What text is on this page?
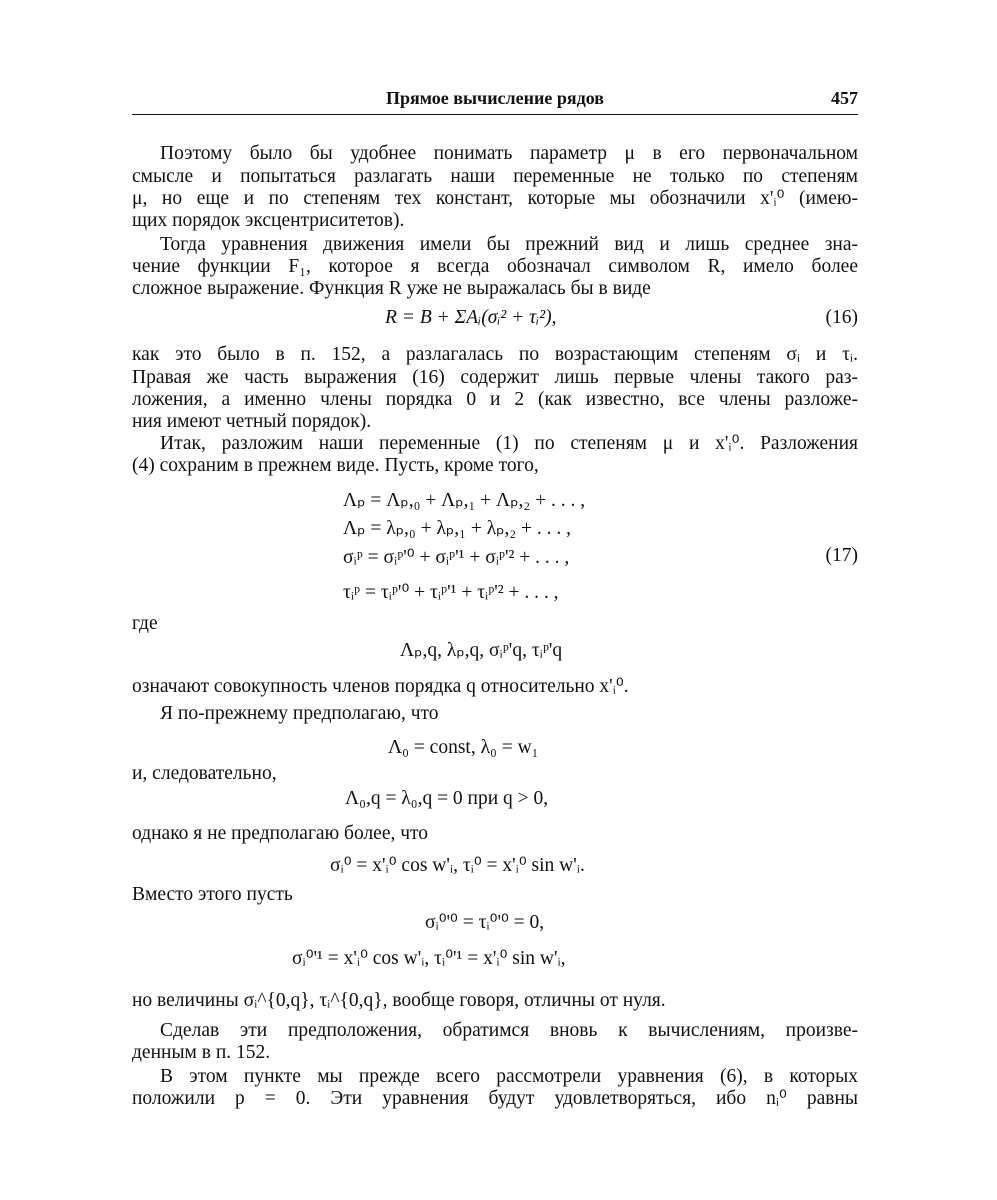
Прямое вычисление рядов	457
Поэтому было бы удобнее понимать параметр μ в его первоначальном
смысле и попытаться разлагать наши переменные не только по степеням
μ, но еще и по степеням тех констант, которые мы обозначили x'ᵢ⁰ (имею-
щих порядок эксцентриситетов).
Тогда уравнения движения имели бы прежний вид и лишь среднее зна-
чение функции F₁, которое я всегда обозначал символом R, имело более
сложное выражение. Функция R уже не выражалась бы в виде
R = B + ΣAᵢ(σᵢ² + τᵢ²),	(16)
как это было в п. 152, а разлагалась по возрастающим степеням σᵢ и τᵢ.
Правая же часть выражения (16) содержит лишь первые члены такого раз-
ложения, а именно члены порядка 0 и 2 (как известно, все члены разложе-
ния имеют четный порядок).
Итак, разложим наши переменные (1) по степеням μ и x'ᵢ⁰. Разложения
(4) сохраним в прежнем виде. Пусть, кроме того,
Λₚ = Λₚ,₀ + Λₚ,₁ + Λₚ,₂ + . . . ,
Λₚ = λₚ,₀ + λₚ,₁ + λₚ,₂ + . . . ,
σᵢᵖ = σᵢᵖ'⁰ + σᵢᵖ'¹ + σᵢᵖ'² + . . . ,
τᵢᵖ = τᵢᵖ'⁰ + τᵢᵖ'¹ + τᵢᵖ'² + . . . ,
(17)
где
Λₚ,q, λₚ,q, σᵢᵖ'q, τᵢᵖ'q
означают совокупность членов порядка q относительно x'ᵢ⁰.
Я по-прежнему предполагаю, что
Λ₀ = const, λ₀ = w₁
и, следовательно,
Λ₀,q = λ₀,q = 0 при q > 0,
однако я не предполагаю более, что
σᵢ⁰ = x'ᵢ⁰ cos w'ᵢ, τᵢ⁰ = x'ᵢ⁰ sin w'ᵢ.
Вместо этого пусть
σᵢ⁰'⁰ = τᵢ⁰'⁰ = 0,
σᵢ⁰'¹ = x'ᵢ⁰ cos w'ᵢ, τᵢ⁰'¹ = x'ᵢ⁰ sin w'ᵢ,
но величины σᵢ^{0,q}, τᵢ^{0,q}, вообще говоря, отличны от нуля.
Сделав эти предположения, обратимся вновь к вычислениям, произве-
денным в п. 152.
В этом пункте мы прежде всего рассмотрели уравнения (6), в которых
положили p = 0. Эти уравнения будут удовлетворяться, ибо nᵢ⁰ равны
